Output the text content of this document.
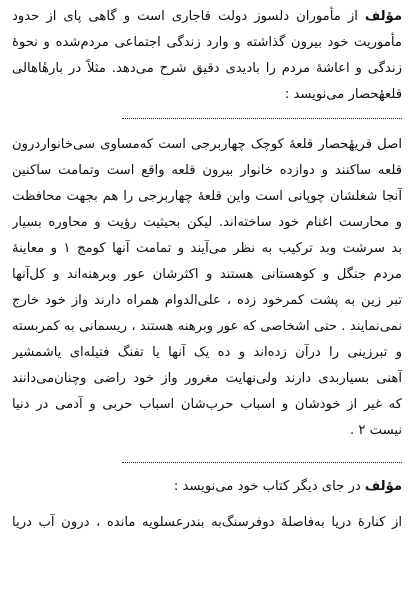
مؤلف از مأموران دلسوز دولت قاجاری است و گاهی پای از حدود
مأموریت خود بیرون گذاشته و وارد زندگی اجتماعی مردم‌شده و نحوهٔ
زندگی و اعاشهٔ مردم را بادیدی دقیق شرح می‌دهد. مثلاً در بارهٔاهالی
قلعهٔحصار می‌نویسد :
اصل قریهٔحصار قلعهٔ کوچک چهاربرجی است که‌مساوی سی‌خانواردرون
قلعه ساکنند و دوازده خانوار بیرون قلعه واقع است وتمامت ساکنین
آنجا شغلشان چوپانی است واین قلعهٔ چهاربرجی را هم بجهت محافظت
و محارست اغنام خود ساخته‌اند. لیکن بحیثیت رؤیت و محاوره بسیار
بد سرشت وبد ترکیب به نظر می‌آیند و تمامت آنها کومج ۱ و معاینهٔ
مردم جنگل و کوهستانی هستند و اکثرشان عور وبرهنه‌اند و کل‌آنها
تبر زین به پشت کمرخود زده ، علی‌الدوام همراه دارند واز خود خارج
نمی‌نمایند . حتی اشخاصی که عور وبرهنه هستند ، ریسمانی به کمربسته
و تبرزینی را درآن زده‌اند و ده یک آنها یا تفنگ فتیله‌ای یاشمشیر
آهنی بسیاربدی دارند ولی‌نهایت مغرور واز خود راضی وچنان‌می‌دانند
که غیر از خودشان و اسباب حرب‌شان اسباب حربی و آدمی در دنیا
نیست ۲ .
مؤلف در جای دیگر کتاب خود می‌نویسد :
از کنارهٔ دریا به‌فاصلهٔ دوفرسنگ‌به بندرعسلویه مانده ، درون آب دریا
